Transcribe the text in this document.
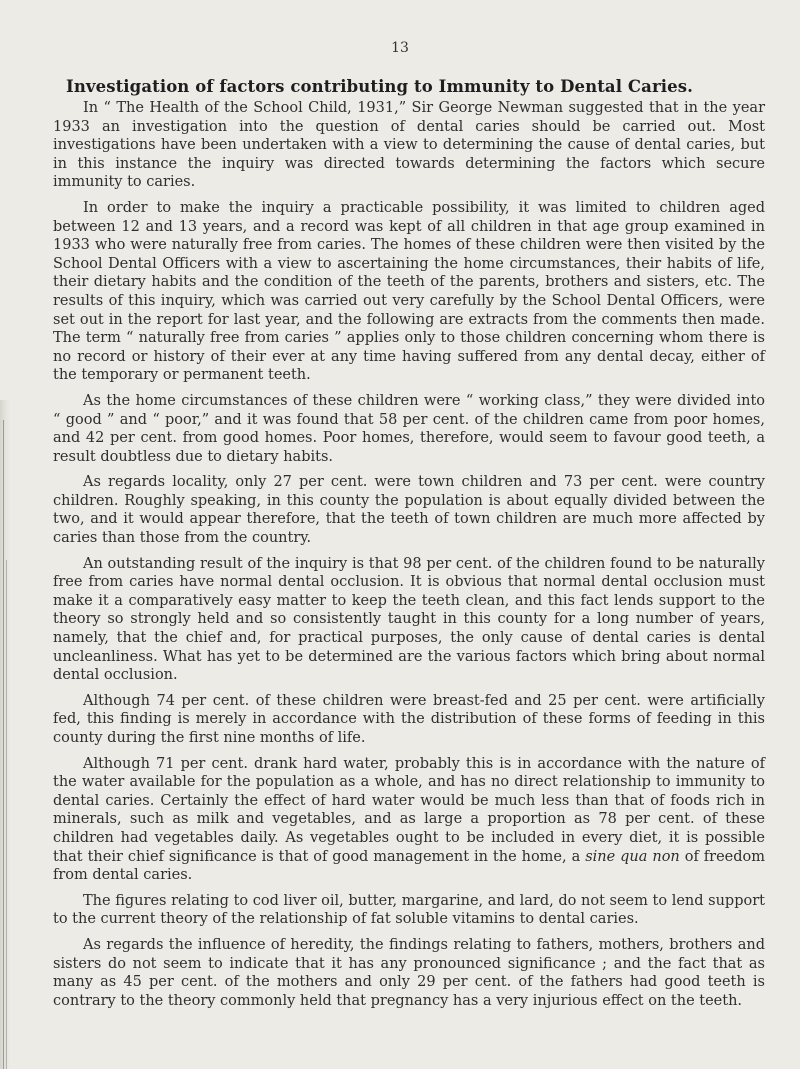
13
Investigation of factors contributing to Immunity to Dental Caries.

In “ The Health of the School Child, 1931,” Sir George Newman suggested that in the year 1933 an investigation into the question of dental caries should be carried out. Most investigations have been undertaken with a view to determining the cause of dental caries, but in this instance the inquiry was directed towards determining the factors which secure immunity to caries.

In order to make the inquiry a practicable possibility, it was limited to children aged between 12 and 13 years, and a record was kept of all children in that age group examined in 1933 who were naturally free from caries. The homes of these children were then visited by the School Dental Officers with a view to ascertaining the home circumstances, their habits of life, their dietary habits and the condition of the teeth of the parents, brothers and sisters, etc. The results of this inquiry, which was carried out very carefully by the School Dental Officers, were set out in the report for last year, and the following are extracts from the comments then made. The term “ naturally free from caries ” applies only to those children concerning whom there is no record or history of their ever at any time having suffered from any dental decay, either of the temporary or permanent teeth.

As the home circumstances of these children were “ working class,” they were divided into “ good ” and “ poor,” and it was found that 58 per cent. of the children came from poor homes, and 42 per cent. from good homes. Poor homes, therefore, would seem to favour good teeth, a result doubtless due to dietary habits.

As regards locality, only 27 per cent. were town children and 73 per cent. were country children. Roughly speaking, in this county the population is about equally divided between the two, and it would appear therefore, that the teeth of town children are much more affected by caries than those from the country.

An outstanding result of the inquiry is that 98 per cent. of the children found to be naturally free from caries have normal dental occlusion. It is obvious that normal dental occlusion must make it a comparatively easy matter to keep the teeth clean, and this fact lends support to the theory so strongly held and so consistently taught in this county for a long number of years, namely, that the chief and, for practical purposes, the only cause of dental caries is dental uncleanliness. What has yet to be determined are the various factors which bring about normal dental occlusion.

Although 74 per cent. of these children were breast-fed and 25 per cent. were artificially fed, this finding is merely in accordance with the distribution of these forms of feeding in this county during the first nine months of life.

Although 71 per cent. drank hard water, probably this is in accordance with the nature of the water available for the population as a whole, and has no direct relationship to immunity to dental caries. Certainly the effect of hard water would be much less than that of foods rich in minerals, such as milk and vegetables, and as large a proportion as 78 per cent. of these children had vegetables daily. As vegetables ought to be included in every diet, it is possible that their chief significance is that of good management in the home, a sine qua non of freedom from dental caries.

The figures relating to cod liver oil, butter, margarine, and lard, do not seem to lend support to the current theory of the relationship of fat soluble vitamins to dental caries.

As regards the influence of heredity, the findings relating to fathers, mothers, brothers and sisters do not seem to indicate that it has any pronounced significance ; and the fact that as many as 45 per cent. of the mothers and only 29 per cent. of the fathers had good teeth is contrary to the theory commonly held that pregnancy has a very injurious effect on the teeth.
